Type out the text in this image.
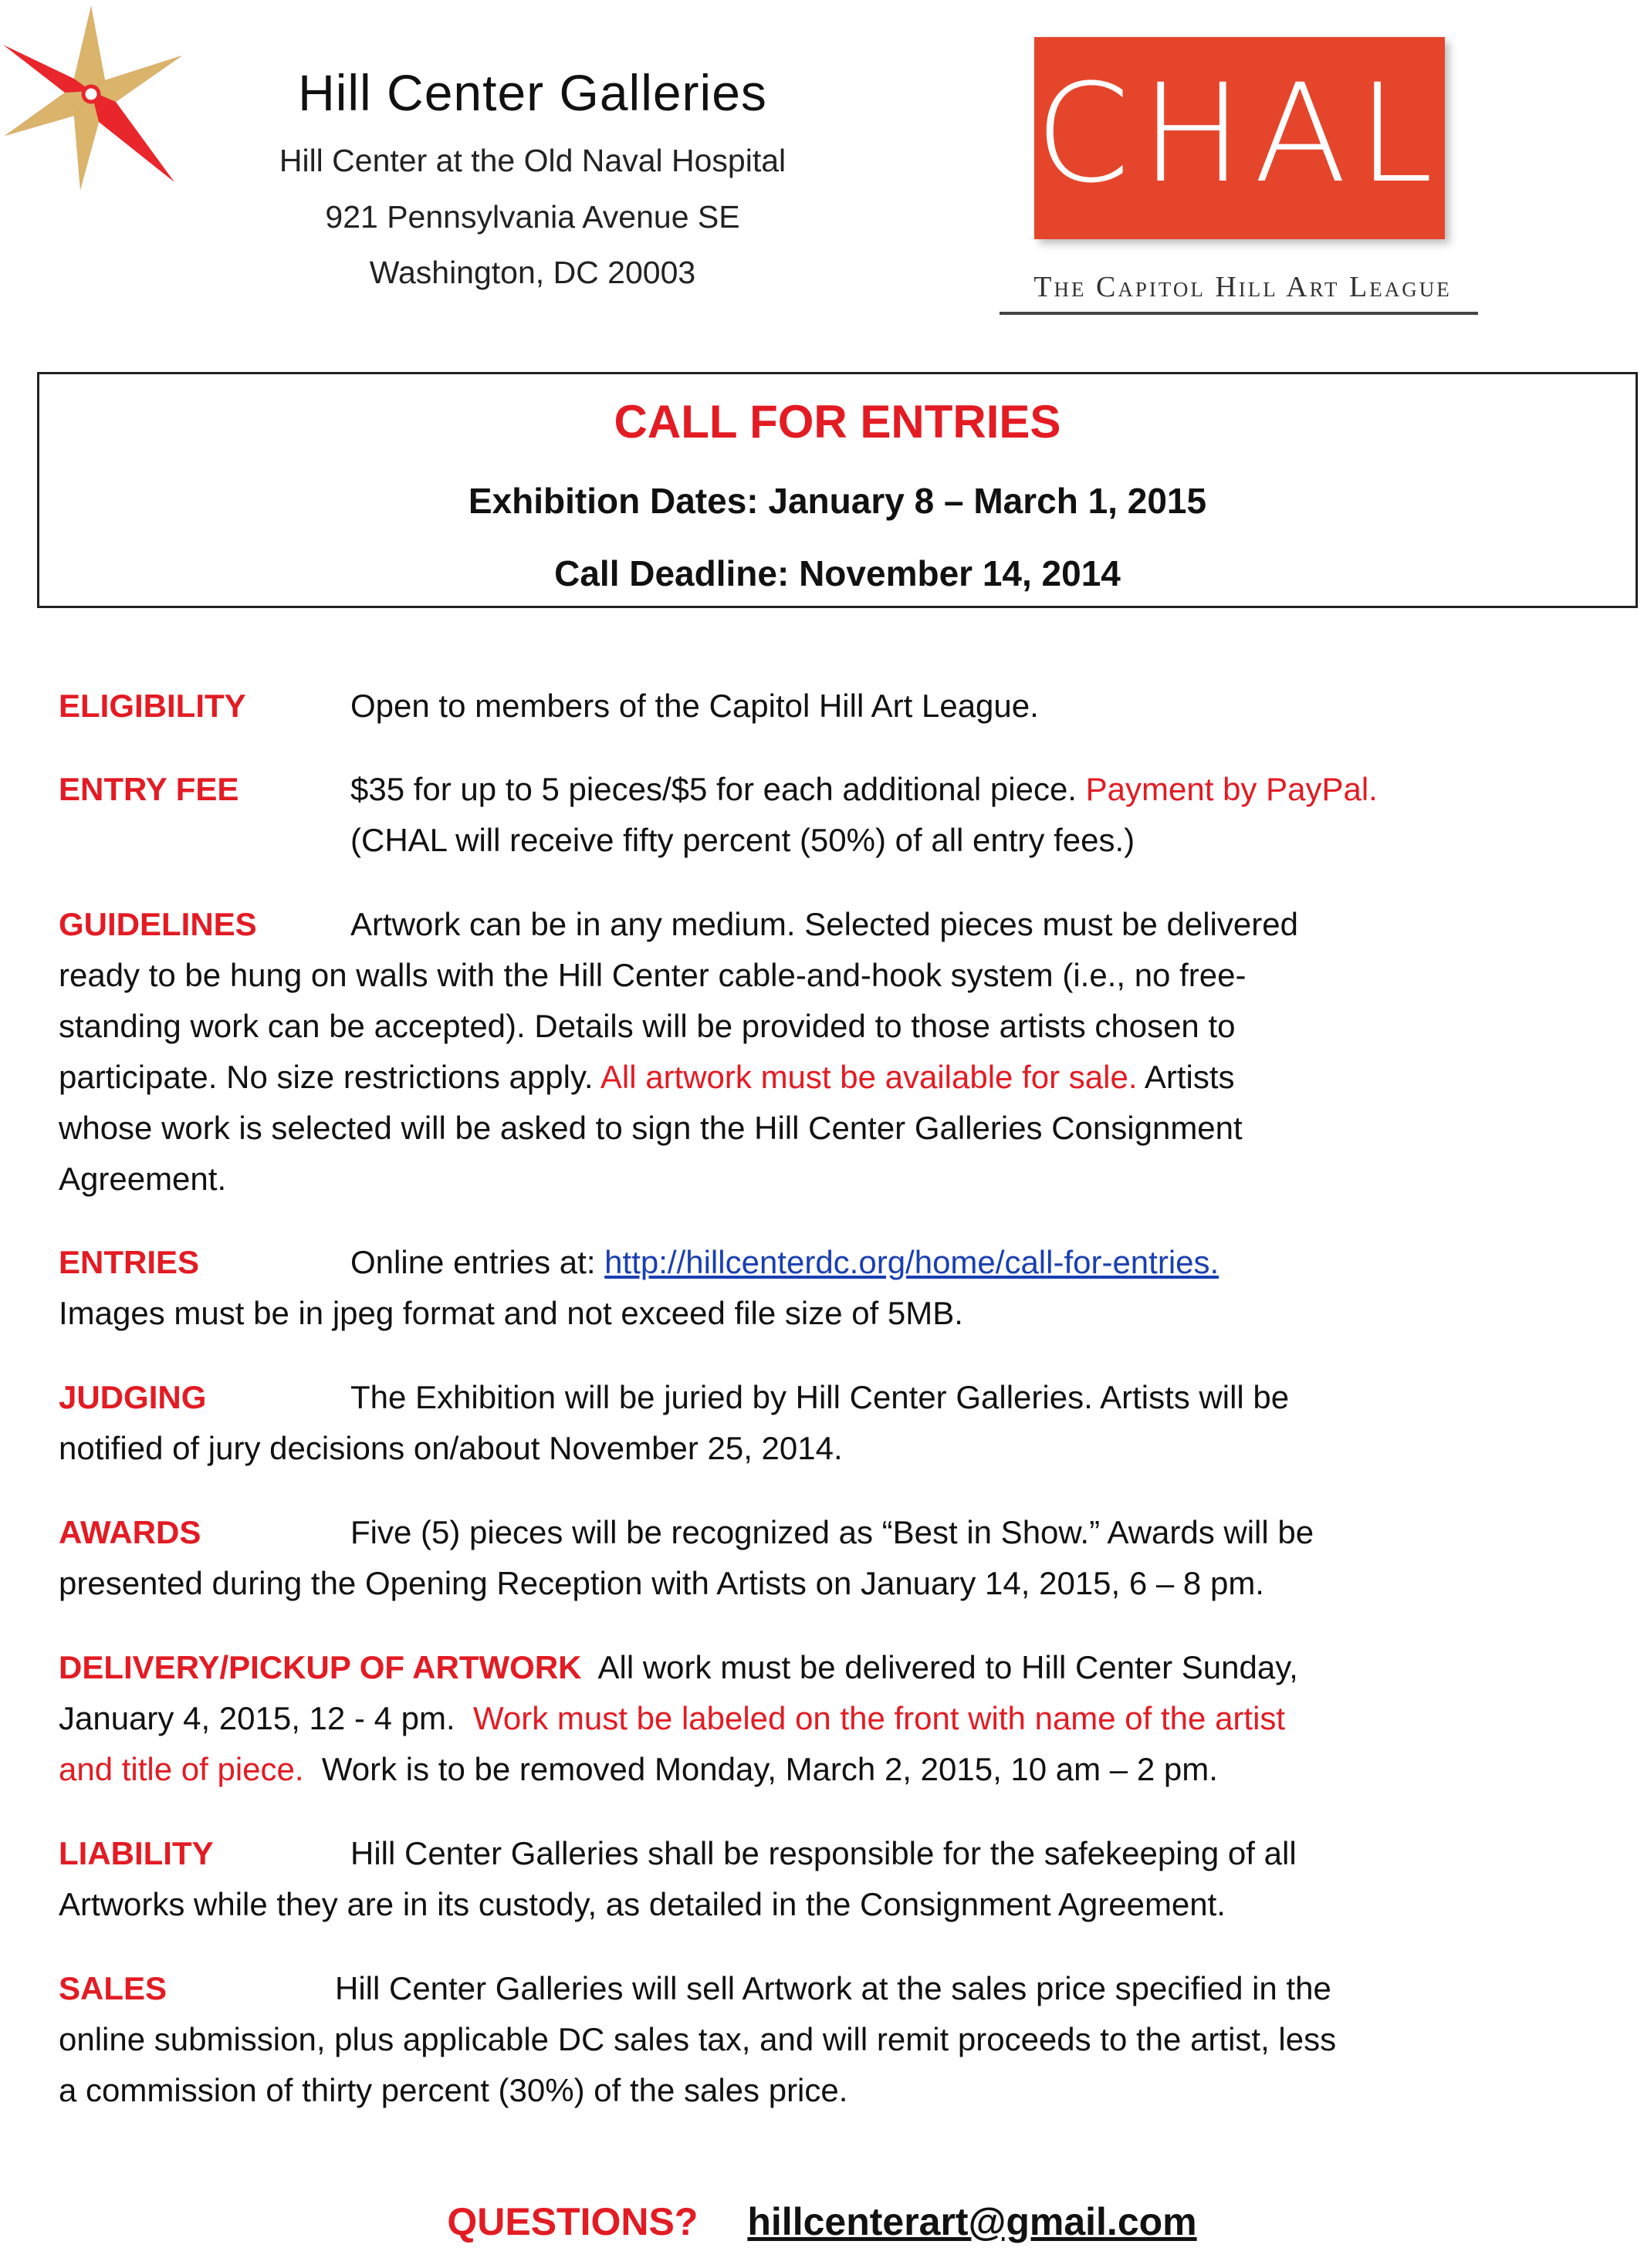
Hill Center Galleries
Hill Center at the Old Naval Hospital
921 Pennsylvania Avenue SE
Washington, DC 20003
CHAL
The Capitol Hill Art League
CALL FOR ENTRIES
Exhibition Dates: January 8 – March 1, 2015
Call Deadline: November 14, 2014
ELIGIBILITY	Open to members of the Capitol Hill Art League.
ENTRY FEE	$35 for up to 5 pieces/$5 for each additional piece. Payment by PayPal.
(CHAL will receive fifty percent (50%) of all entry fees.)
GUIDELINES	Artwork can be in any medium. Selected pieces must be delivered
ready to be hung on walls with the Hill Center cable-and-hook system (i.e., no free-
standing work can be accepted). Details will be provided to those artists chosen to
participate. No size restrictions apply. All artwork must be available for sale. Artists
whose work is selected will be asked to sign the Hill Center Galleries Consignment
Agreement.
ENTRIES	Online entries at: http://hillcenterdc.org/home/call-for-entries.
Images must be in jpeg format and not exceed file size of 5MB.
JUDGING	The Exhibition will be juried by Hill Center Galleries. Artists will be
notified of jury decisions on/about November 25, 2014.
AWARDS	Five (5) pieces will be recognized as “Best in Show.” Awards will be
presented during the Opening Reception with Artists on January 14, 2015, 6 – 8 pm.
DELIVERY/PICKUP OF ARTWORK  All work must be delivered to Hill Center Sunday,
January 4, 2015, 12 - 4 pm.  Work must be labeled on the front with name of the artist
and title of piece.  Work is to be removed Monday, March 2, 2015, 10 am – 2 pm.
LIABILITY	Hill Center Galleries shall be responsible for the safekeeping of all
Artworks while they are in its custody, as detailed in the Consignment Agreement.
SALES	Hill Center Galleries will sell Artwork at the sales price specified in the
online submission, plus applicable DC sales tax, and will remit proceeds to the artist, less
a commission of thirty percent (30%) of the sales price.
QUESTIONS? hillcenterart@gmail.com
